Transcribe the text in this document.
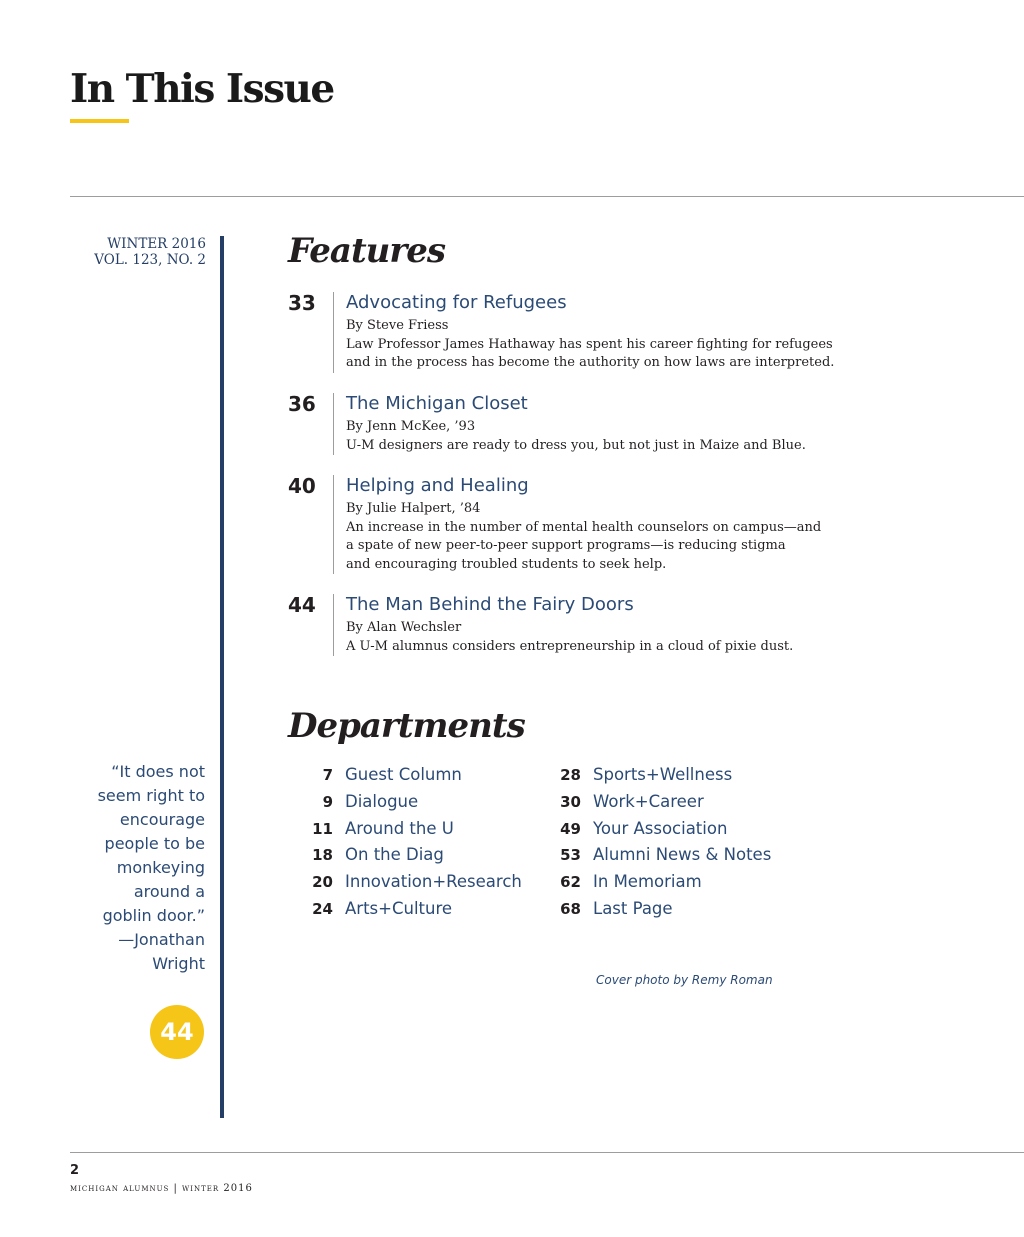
In This Issue
WINTER 2016
VOL. 123, NO. 2 Features
33	Advocating for Refugees
By Steve Friess
Law Professor James Hathaway has spent his career fighting for refugees
and in the process has become the authority on how laws are interpreted.
36	The Michigan Closet
By Jenn McKee, ’93
U-M designers are ready to dress you, but not just in Maize and Blue.
40	Helping and Healing
By Julie Halpert, ’84
An increase in the number of mental health counselors on campus—and
a spate of new peer-to-peer support programs—is reducing stigma
and encouraging troubled students to seek help.
44	The Man Behind the Fairy Doors
By Alan Wechsler
A U-M alumnus considers entrepreneurship in a cloud of pixie dust.
Departments
7 Guest Column
9 Dialogue
11 Around the U
18 On the Diag
20 Innovation+Research
24 Arts+Culture
28 Sports+Wellness
30 Work+Career
49 Your Association
53 Alumni News & Notes
62 In Memoriam
68 Last Page
Cover photo by Remy Roman
“It does not
seem right to
encourage
people to be
monkeying
around a
goblin door.”
—Jonathan
Wright
44
2
michigan alumnus | winter 2016
